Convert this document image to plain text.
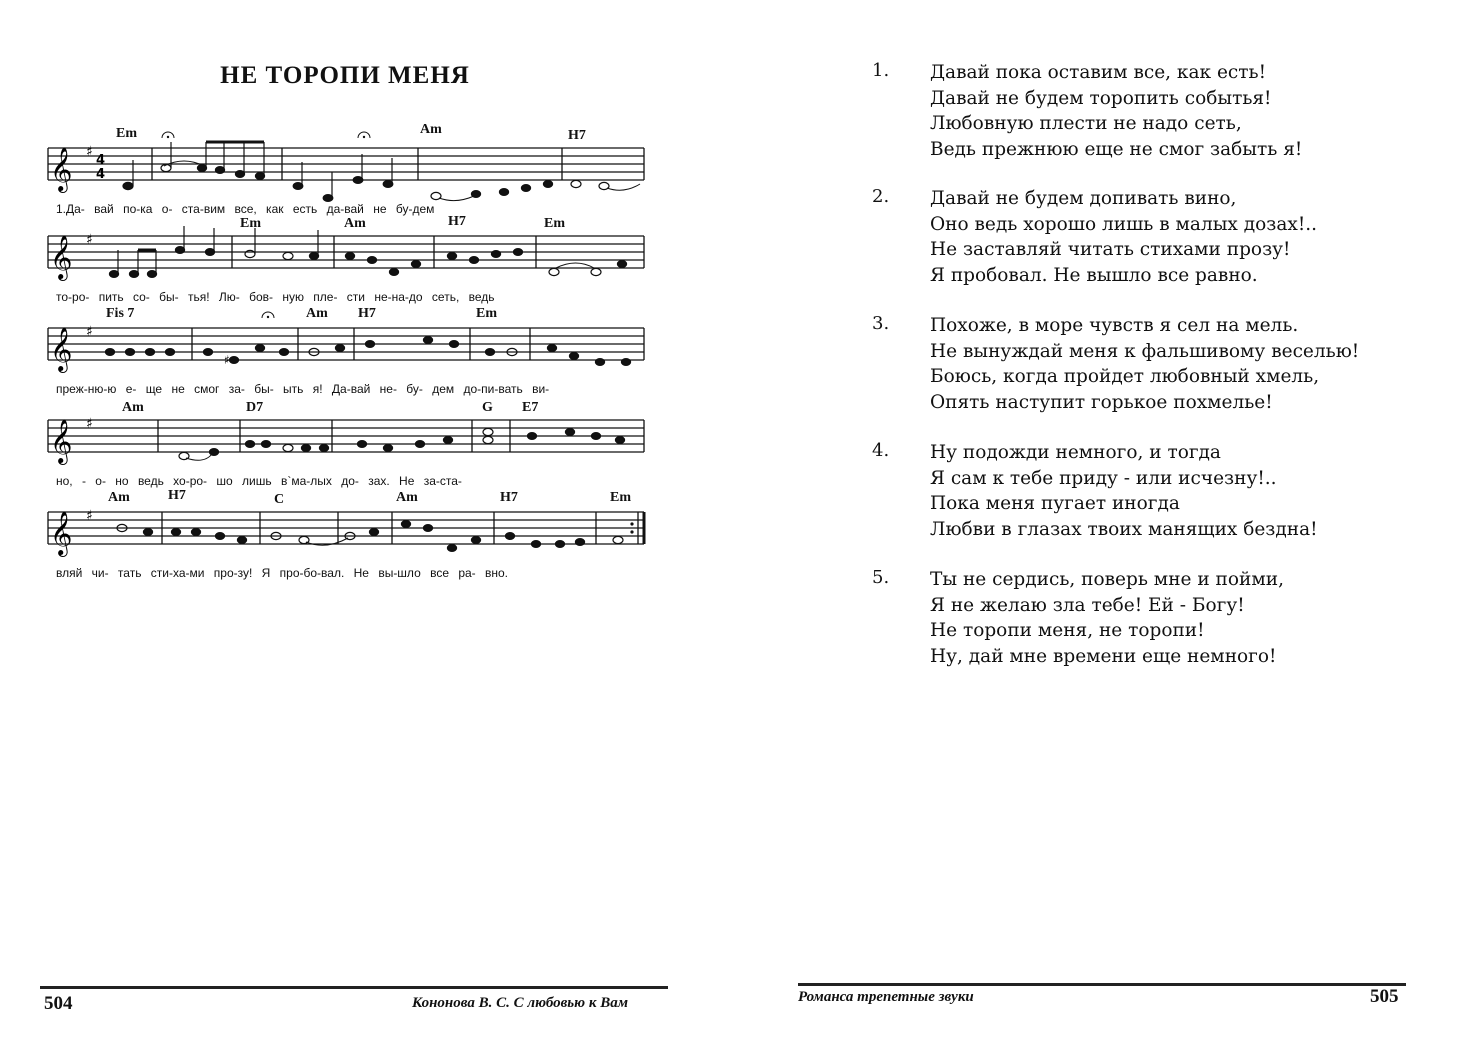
НЕ ТОРОПИ МЕНЯ
Em	Am	H7
𝄞 ♯
4
4
1.Да- вай по-ка о- ста-вим все, как есть да-вай не бу-дем
Em	Am	H7	Em
𝄞 ♯
то-ро- пить со- бы- тья! Лю- бов- ную пле- сти не-на-до сеть, ведь
Fis 7	Am H7	Em
𝄞 ♯
♯
преж-ню-ю е- ще не смог за- бы- ыть я! Да-вай не- бу- дем до-пи-вать ви-
Am	D7	G E7
𝄞 ♯
но, - о- но ведь хо-ро- шо лишь в`ма-лых до- зах. Не за-ста-
Am	H7	C	Am	H7	Em
𝄞 ♯
вляй чи- тать сти-ха-ми про-зу! Я про-бо-вал. Не вы-шло все ра- вно.
504	Кононова В. С. С любовью к Вам
1. Давай пока оставим все, как есть!
Давай не будем торопить событья!
Любовную плести не надо сеть,
Ведь прежнюю еще не смог забыть я!
2. Давай не будем допивать вино,
Оно ведь хорошо лишь в малых дозах!..
Не заставляй читать стихами прозу!
Я пробовал. Не вышло все равно.
3. Похоже, в море чувств я сел на мель.
Не вынуждай меня к фальшивому веселью!
Боюсь, когда пройдет любовный хмель,
Опять наступит горькое похмелье!
4. Ну подожди немного, и тогда
Я сам к тебе приду - или исчезну!..
Пока меня пугает иногда
Любви в глазах твоих манящих бездна!
5. Ты не сердись, поверь мне и пойми,
Я не желаю зла тебе! Ей - Богу!
Не торопи меня, не торопи!
Ну, дай мне времени еще немного!
Романса трепетные звуки	505
